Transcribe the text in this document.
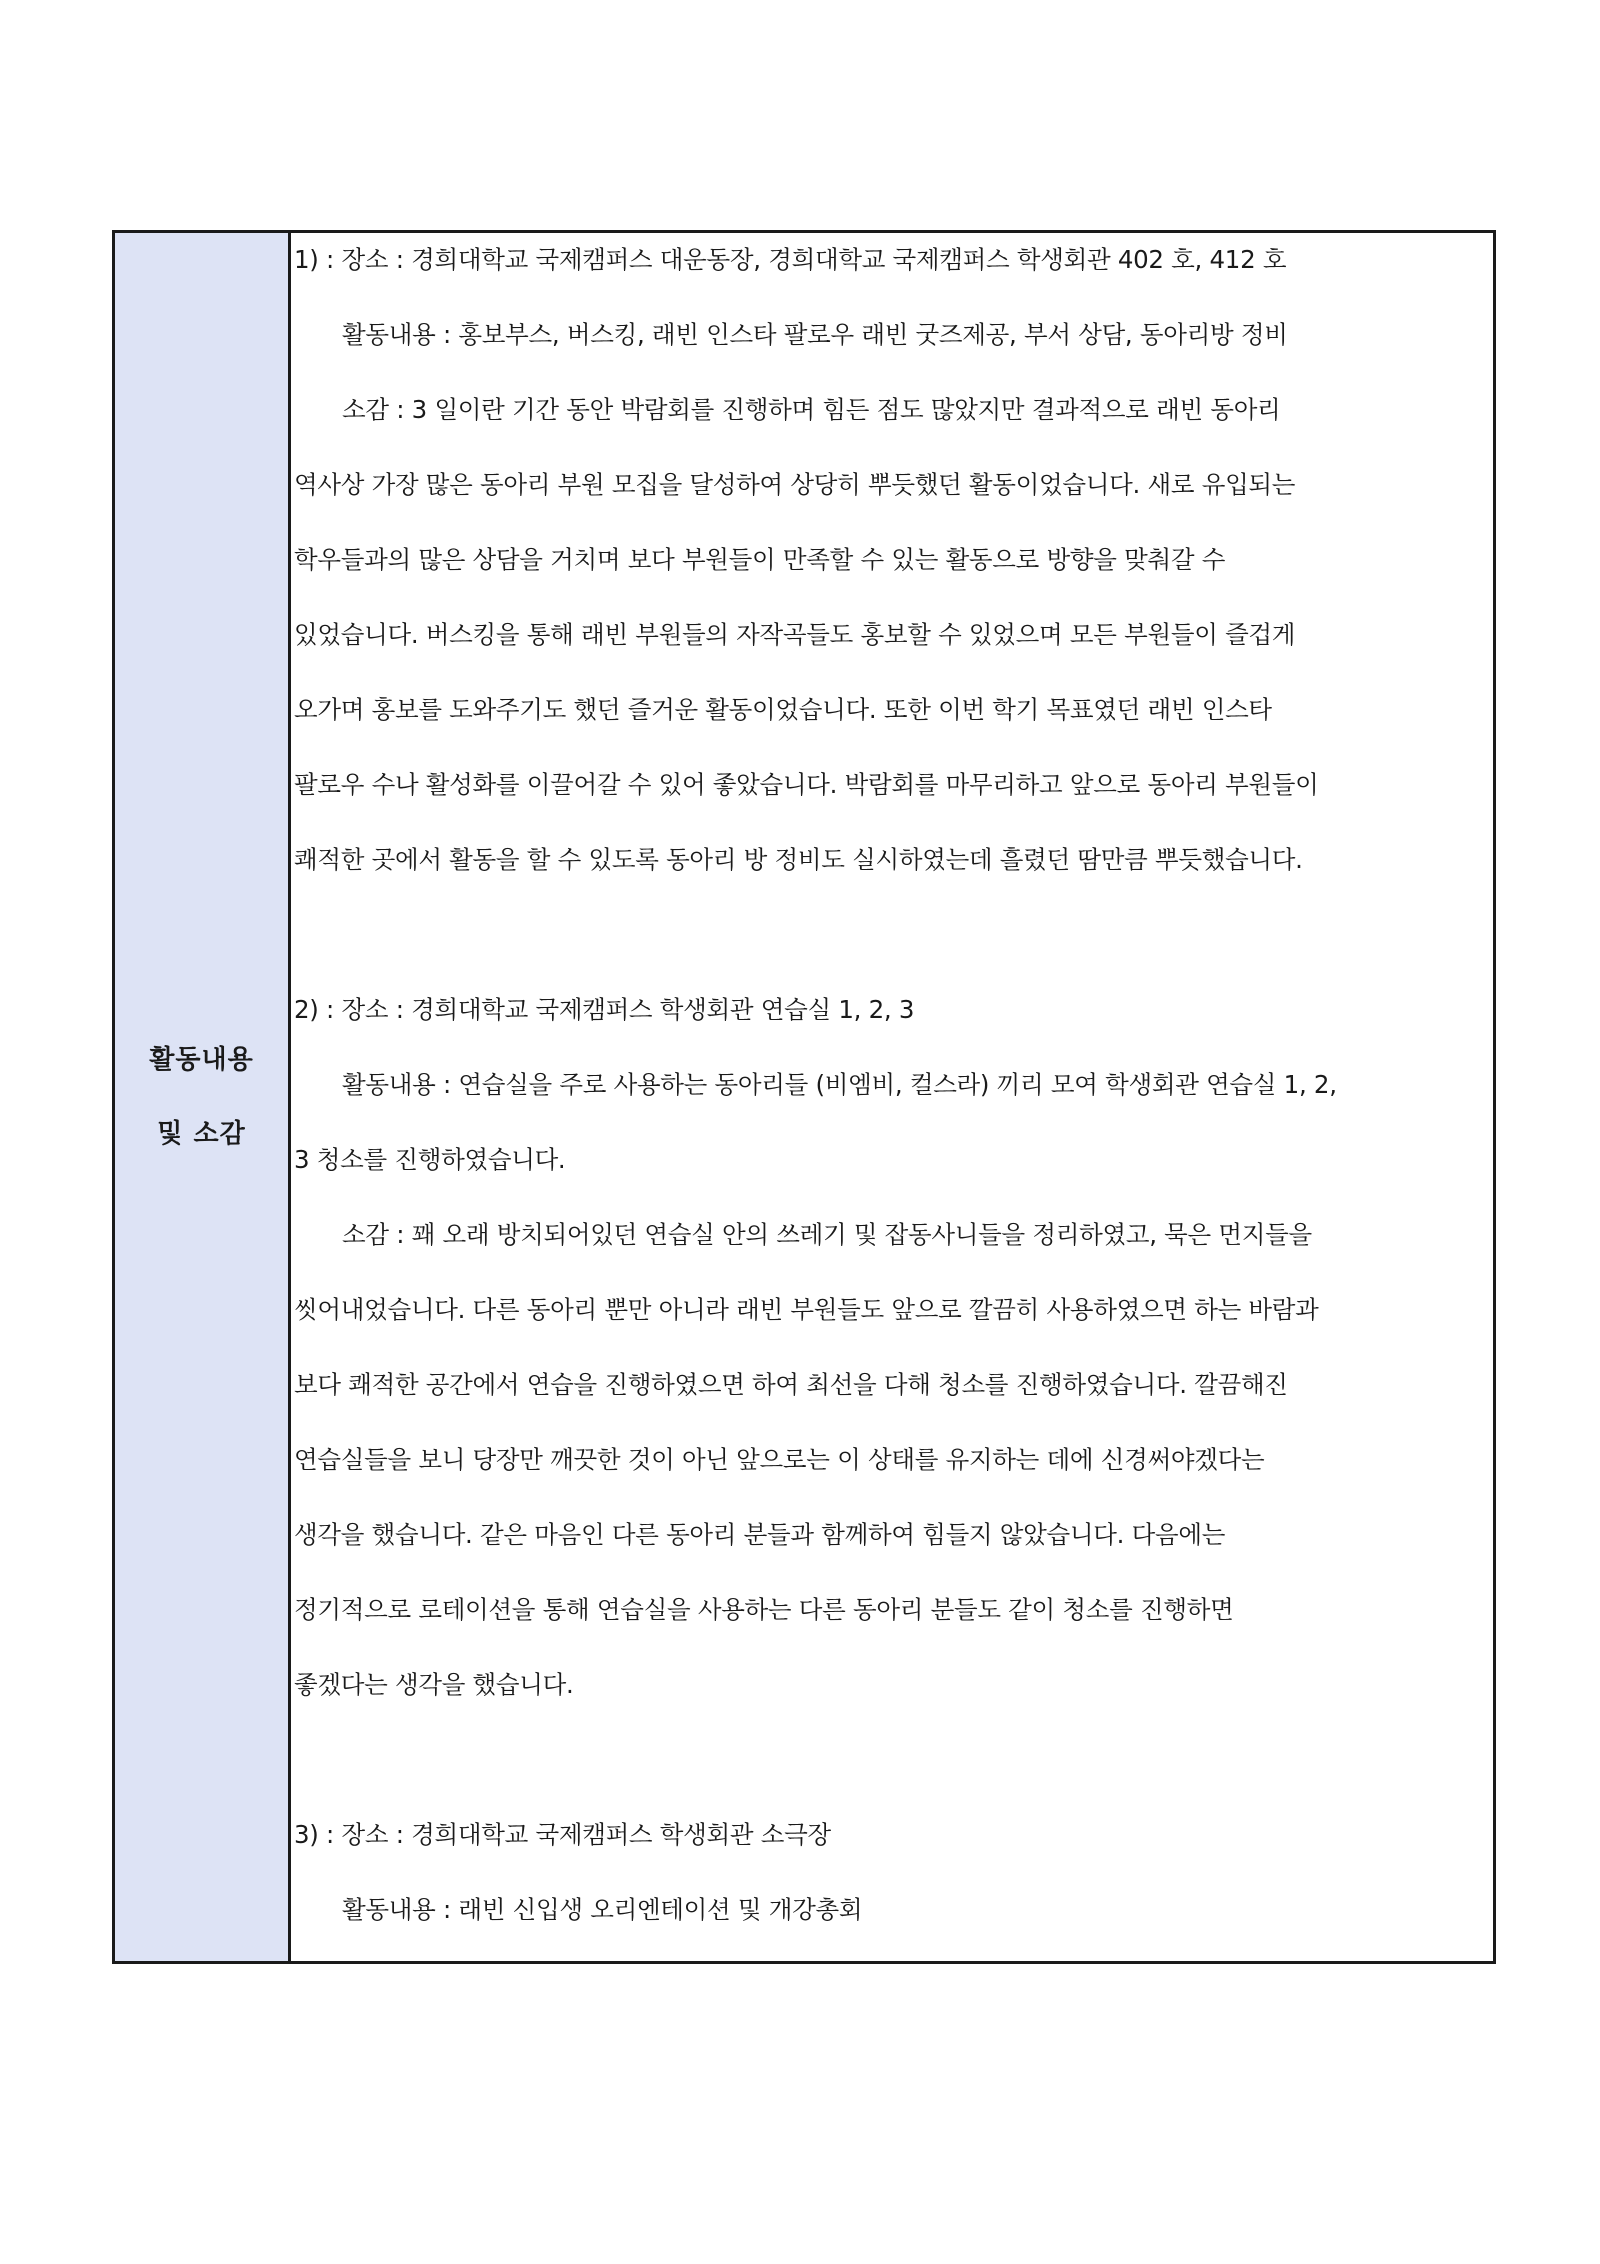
활동내용
및 소감
1) : 장소 : 경희대학교 국제캠퍼스 대운동장, 경희대학교 국제캠퍼스 학생회관 402 호, 412 호
활동내용 : 홍보부스, 버스킹, 래빈 인스타 팔로우 래빈 굿즈제공, 부서 상담, 동아리방 정비
소감 : 3 일이란 기간 동안 박람회를 진행하며 힘든 점도 많았지만 결과적으로 래빈 동아리
역사상 가장 많은 동아리 부원 모집을 달성하여 상당히 뿌듯했던 활동이었습니다. 새로 유입되는
학우들과의 많은 상담을 거치며 보다 부원들이 만족할 수 있는 활동으로 방향을 맞춰갈 수
있었습니다. 버스킹을 통해 래빈 부원들의 자작곡들도 홍보할 수 있었으며 모든 부원들이 즐겁게
오가며 홍보를 도와주기도 했던 즐거운 활동이었습니다. 또한 이번 학기 목표였던 래빈 인스타
팔로우 수나 활성화를 이끌어갈 수 있어 좋았습니다. 박람회를 마무리하고 앞으로 동아리 부원들이
쾌적한 곳에서 활동을 할 수 있도록 동아리 방 정비도 실시하였는데 흘렸던 땀만큼 뿌듯했습니다.
2) : 장소 : 경희대학교 국제캠퍼스 학생회관 연습실 1, 2, 3
활동내용 : 연습실을 주로 사용하는 동아리들 (비엠비, 컬스라) 끼리 모여 학생회관 연습실 1, 2,
3 청소를 진행하였습니다.
소감 : 꽤 오래 방치되어있던 연습실 안의 쓰레기 및 잡동사니들을 정리하였고, 묵은 먼지들을
씻어내었습니다. 다른 동아리 뿐만 아니라 래빈 부원들도 앞으로 깔끔히 사용하였으면 하는 바람과
보다 쾌적한 공간에서 연습을 진행하였으면 하여 최선을 다해 청소를 진행하였습니다. 깔끔해진
연습실들을 보니 당장만 깨끗한 것이 아닌 앞으로는 이 상태를 유지하는 데에 신경써야겠다는
생각을 했습니다. 같은 마음인 다른 동아리 분들과 함께하여 힘들지 않았습니다. 다음에는
정기적으로 로테이션을 통해 연습실을 사용하는 다른 동아리 분들도 같이 청소를 진행하면
좋겠다는 생각을 했습니다.
3) : 장소 : 경희대학교 국제캠퍼스 학생회관 소극장
활동내용 : 래빈 신입생 오리엔테이션 및 개강총회
